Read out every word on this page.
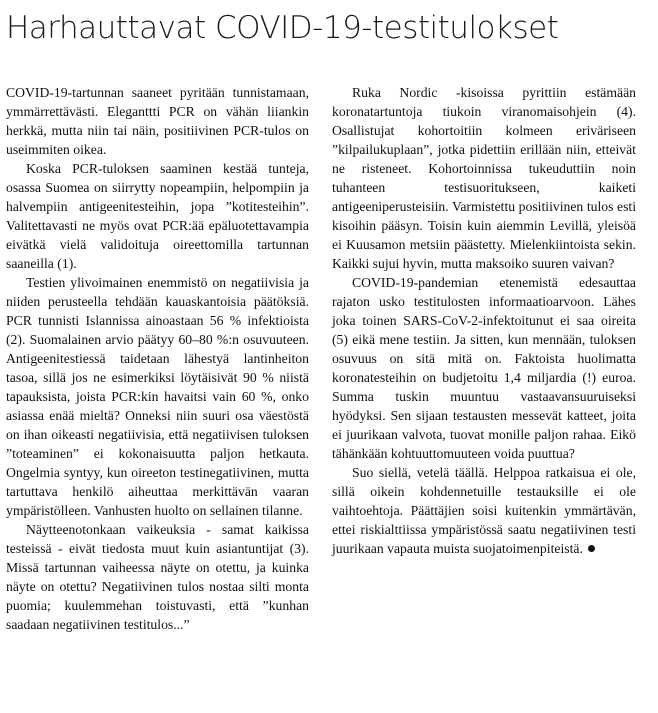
Harhauttavat COVID-19-testitulokset

COVID-19-tartunnan saaneet pyritään tunnistamaan, ymmärrettävästi. Eleganttti PCR on vähän liiankin herkkä, mutta niin tai näin, positiivinen PCR-tulos on useimmiten oikea.

Koska PCR-tuloksen saaminen kestää tunteja, osassa Suomea on siirrytty nopeampiin, helpompiin ja halvempiin antigeenitesteihin, jopa ”kotitesteihin”. Valitettavasti ne myös ovat PCR:ää epäluotettavampia eivätkä vielä validoituja oireettomilla tartunnan saaneilla (1).

Testien ylivoimainen enemmistö on negatiivisia ja niiden perusteella tehdään kauaskantoisia päätöksiä. PCR tunnisti Islannissa ainoastaan 56 % infektioista (2). Suomalainen arvio päätyy 60–80 %:n osuvuuteen. Antigeenitestiessä taidetaan lähestyä lantinheiton tasoa, sillä jos ne esimerkiksi löytäisivät 90 % niistä tapauksista, joista PCR:kin havaitsi vain 60 %, onko asiassa enää mieltä? Onneksi niin suuri osa väestöstä on ihan oikeasti negatiivisia, että negatiivisen tuloksen ”toteaminen” ei kokonaisuutta paljon hetkauta. Ongelmia syntyy, kun oireeton testinegatiivinen, mutta tartuttava henkilö aiheuttaa merkittävän vaaran ympäristölleen. Vanhusten huolto on sellainen tilanne.

Näytteenotonkaan vaikeuksia - samat kaikissa testeissä - eivät tiedosta muut kuin asiantuntijat (3). Missä tartunnan vaiheessa näyte on otettu, ja kuinka näyte on otettu? Negatiivinen tulos nostaa silti monta puomia; kuulemmehan toistuvasti, että ”kunhan saadaan negatiivinen testitulos...”

Ruka Nordic -kisoissa pyrittiin estämään koronatartuntoja tiukoin viranomaisohjein (4). Osallistujat kohortoitiin kolmeen eriväriseen ”kilpailukuplaan”, jotka pidettiin erillään niin, etteivät ne risteneet. Kohortoinnissa tukeuduttiin noin tuhanteen testisuoritukseen, kaiketi antigeeniperusteisiin. Varmistettu positiivinen tulos esti kisoihin pääsyn. Toisin kuin aiemmin Levillä, yleisöä ei Kuusamon metsiin päästetty. Mielenkiintoista sekin. Kaikki sujui hyvin, mutta maksoiko suuren vaivan?

COVID-19-pandemian etenemistä edesauttaa rajaton usko testitulosten informaatioarvoon. Lähes joka toinen SARS-CoV-2-infektoitunut ei saa oireita (5) eikä mene testiin. Ja sitten, kun mennään, tuloksen osuvuus on sitä mitä on. Faktoista huolimatta koronatesteihin on budjetoitu 1,4 miljardia (!) euroa. Summa tuskin muuntuu vastaavansuuruiseksi hyödyksi. Sen sijaan testausten messevät katteet, joita ei juurikaan valvota, tuovat monille paljon rahaa. Eikö tähänkään kohtuuttomuuteen voida puuttua?

Suo siellä, vetelä täällä. Helppoa ratkaisua ei ole, sillä oikein kohdennetuille testauksille ei ole vaihtoehtoja. Päättäjien soisi kuitenkin ymmärtävän, ettei riskialttiissa ympäristössä saatu negatiivinen testi juurikaan vapauta muista suojatoimenpiteistä.
